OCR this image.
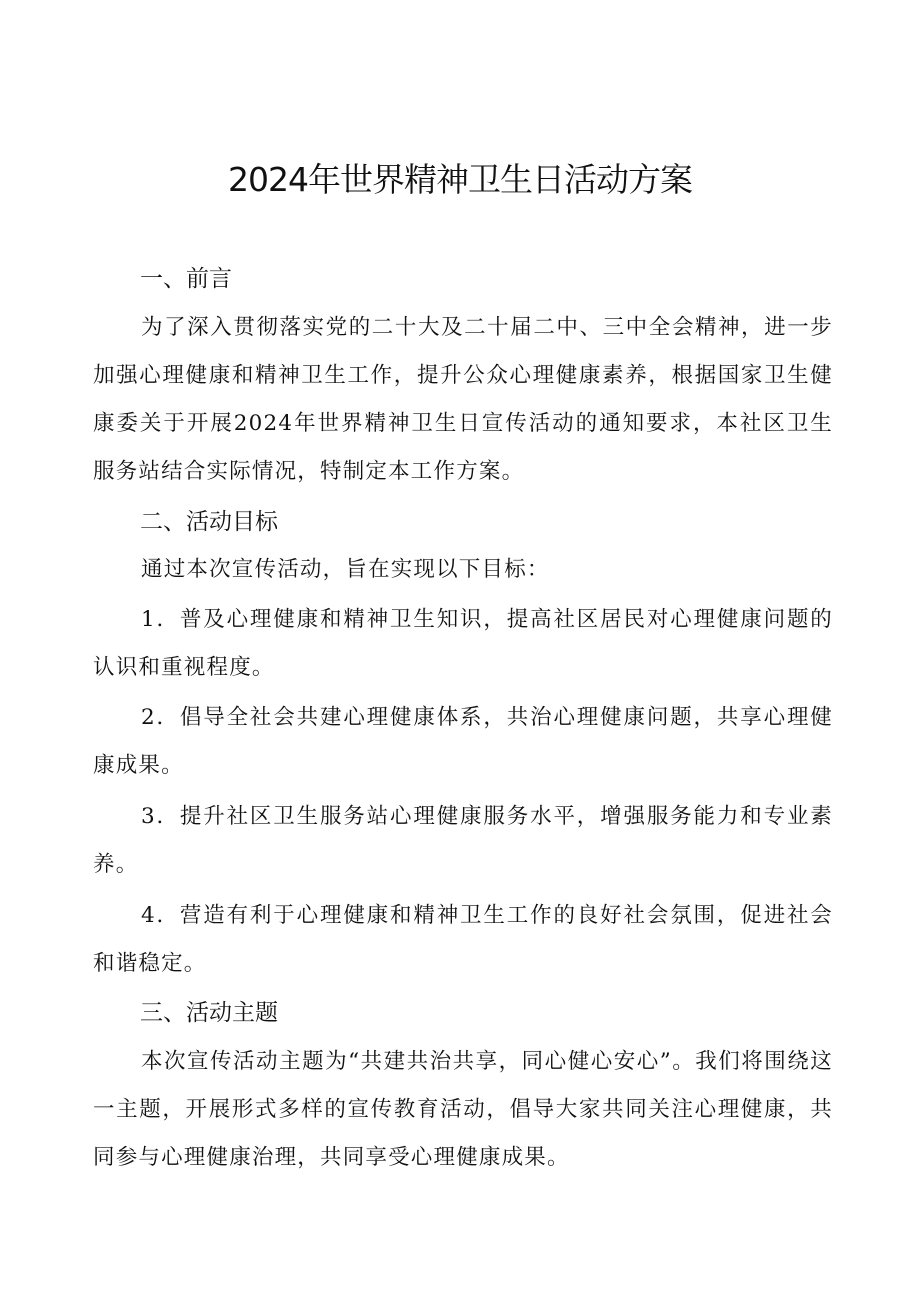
2024年世界精神卫生日活动方案
一、前言

为了深入贯彻落实党的二十大及二十届二中、三中全会精神，进一步加强心理健康和精神卫生工作，提升公众心理健康素养，根据国家卫生健康委关于开展2024年世界精神卫生日宣传活动的通知要求，本社区卫生服务站结合实际情况，特制定本工作方案。

二、活动目标

通过本次宣传活动，旨在实现以下目标：

1．普及心理健康和精神卫生知识，提高社区居民对心理健康问题的认识和重视程度。

2．倡导全社会共建心理健康体系，共治心理健康问题，共享心理健康成果。

3．提升社区卫生服务站心理健康服务水平，增强服务能力和专业素养。

4．营造有利于心理健康和精神卫生工作的良好社会氛围，促进社会和谐稳定。

三、活动主题

本次宣传活动主题为“共建共治共享，同心健心安心”。我们将围绕这一主题，开展形式多样的宣传教育活动，倡导大家共同关注心理健康，共同参与心理健康治理，共同享受心理健康成果。
